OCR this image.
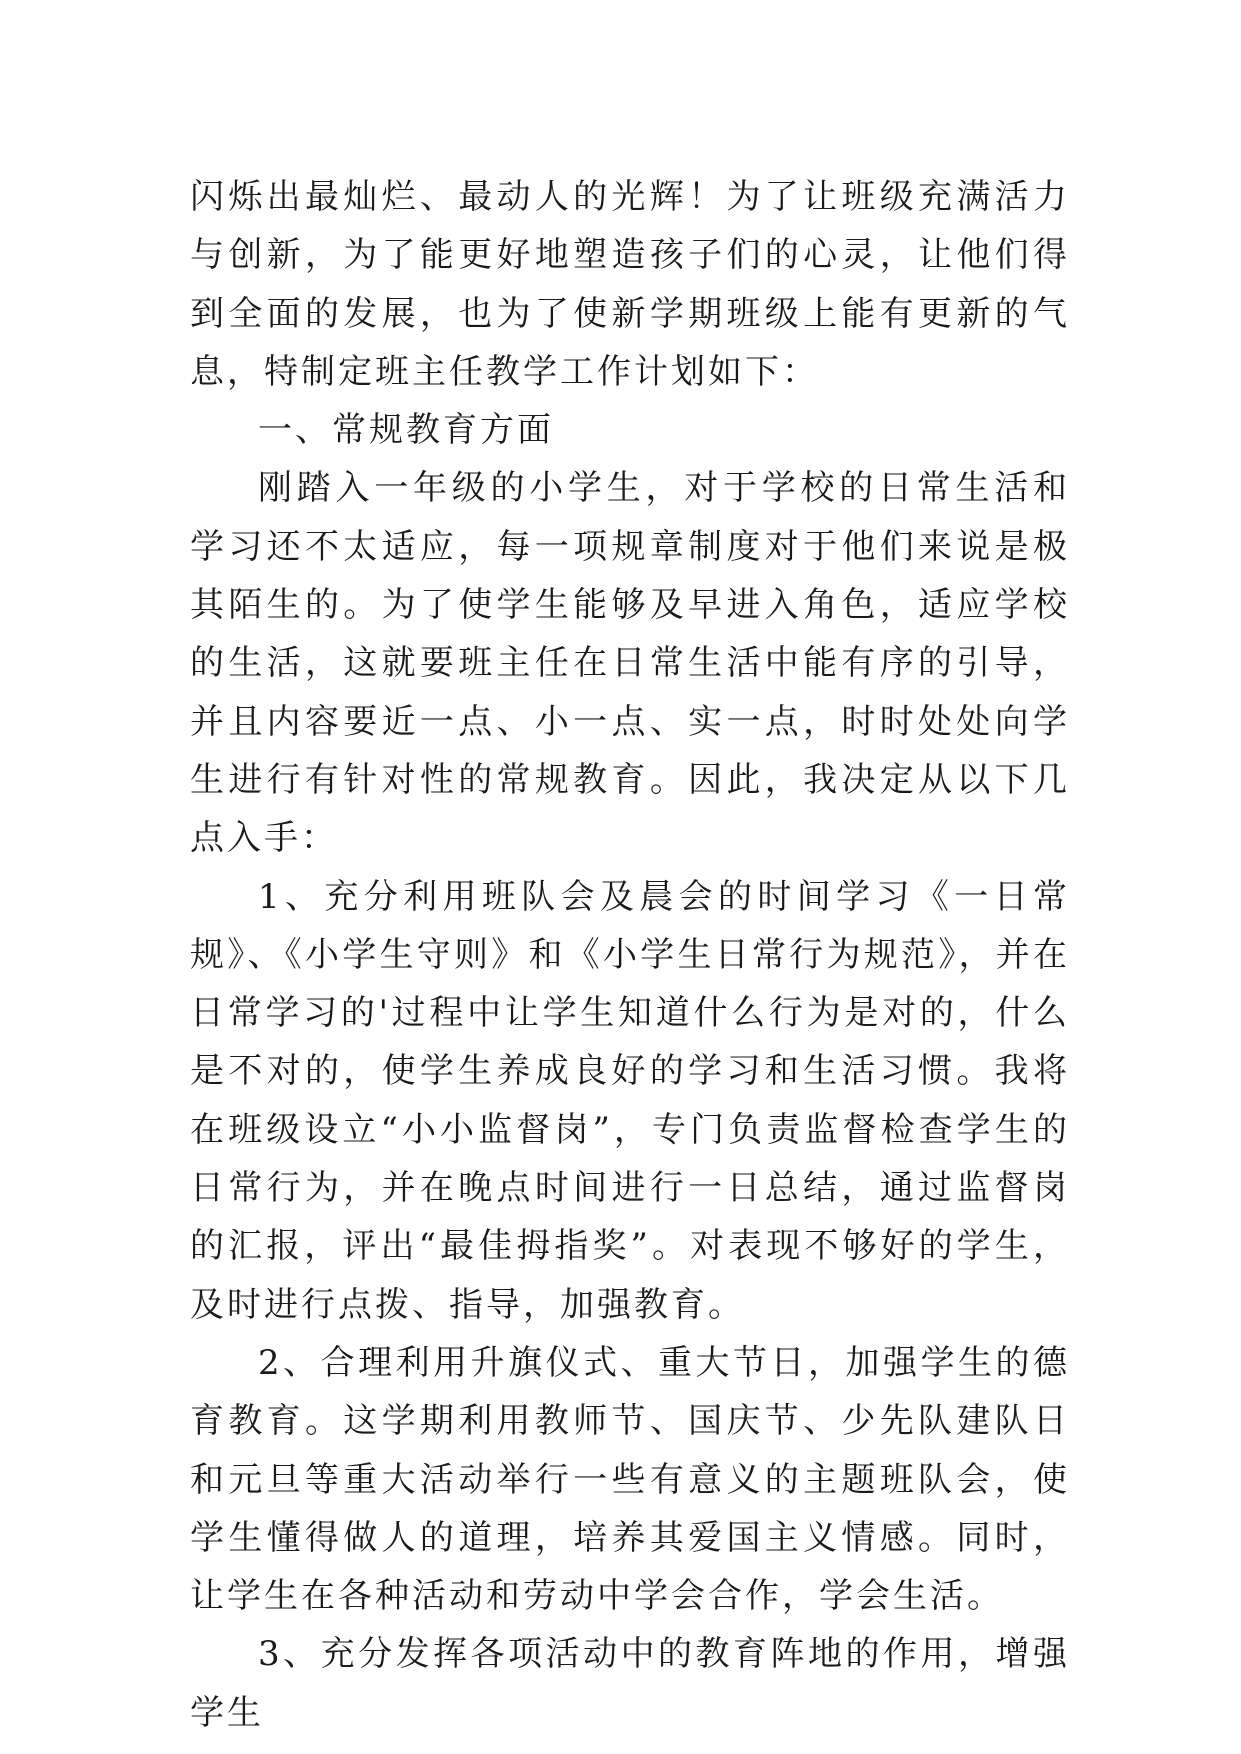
闪烁出最灿烂、最动人的光辉！为了让班级充满活力与创新，为了能更好地塑造孩子们的心灵，让他们得到全面的发展，也为了使新学期班级上能有更新的气息，特制定班主任教学工作计划如下：

一、常规教育方面

刚踏入一年级的小学生，对于学校的日常生活和学习还不太适应，每一项规章制度对于他们来说是极其陌生的。为了使学生能够及早进入角色，适应学校的生活，这就要班主任在日常生活中能有序的引导，并且内容要近一点、小一点、实一点，时时处处向学生进行有针对性的常规教育。因此，我决定从以下几点入手：

1、充分利用班队会及晨会的时间学习《一日常规》、《小学生守则》和《小学生日常行为规范》，并在日常学习的'过程中让学生知道什么行为是对的，什么是不对的，使学生养成良好的学习和生活习惯。我将在班级设立“小小监督岗”，专门负责监督检查学生的日常行为，并在晚点时间进行一日总结，通过监督岗的汇报，评出“最佳拇指奖”。对表现不够好的学生，及时进行点拨、指导，加强教育。

2、合理利用升旗仪式、重大节日，加强学生的德育教育。这学期利用教师节、国庆节、少先队建队日和元旦等重大活动举行一些有意义的主题班队会，使学生懂得做人的道理，培养其爱国主义情感。同时，让学生在各种活动和劳动中学会合作，学会生活。

3、充分发挥各项活动中的教育阵地的作用，增强学生
